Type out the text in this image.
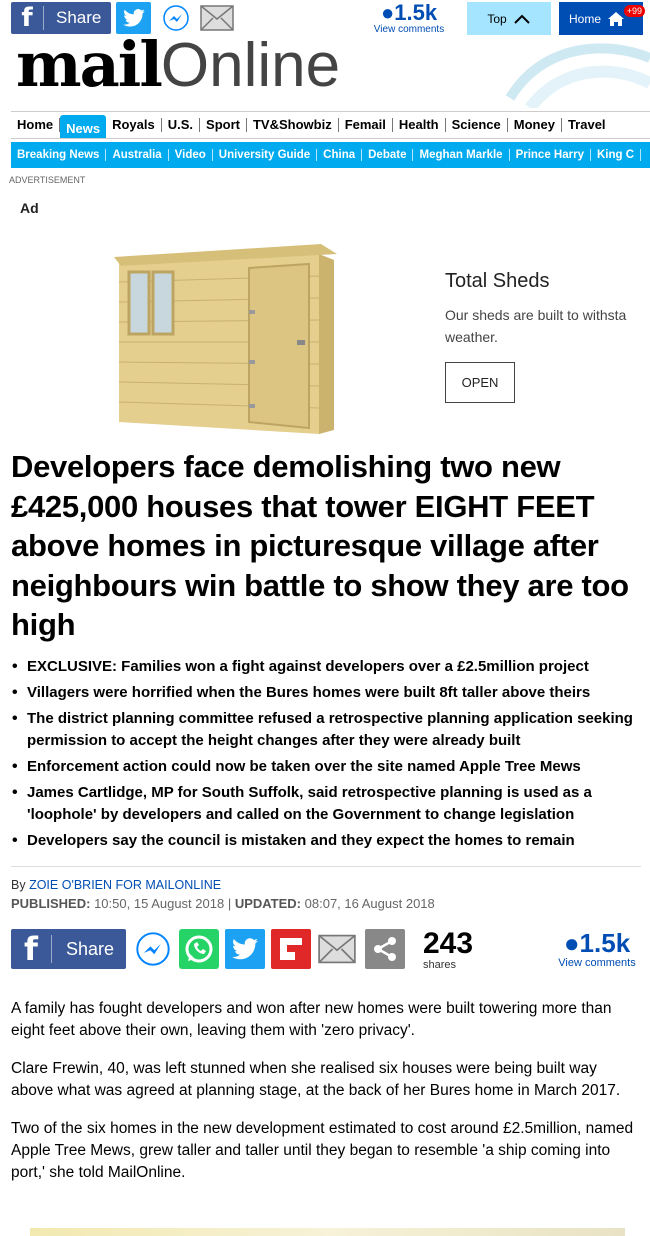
f	Share	●1.5k
View comments
Top	Home
+99
mailOnline
Home	News Royals	U.S.	Sport	TV&Showbiz	Femail	Health	Science	Money	Travel
Breaking News	Australia	Video	University Guide	China	Debate	Meghan Markle	Prince Harry	King C
ADVERTISEMENT
Ad
Total Sheds
Our sheds are built to withsta
weather.
OPEN
Developers face demolishing two new £425,000 houses that tower EIGHT FEET above homes in picturesque village after neighbours win battle to show they are too high
• EXCLUSIVE: Families won a fight against developers over a £2.5million project
• Villagers were horrified when the Bures homes were built 8ft taller above theirs
• The district planning committee refused a retrospective planning application seeking permission to accept the height changes after they were already built
• Enforcement action could now be taken over the site named Apple Tree Mews
• James Cartlidge, MP for South Suffolk, said retrospective planning is used as a 'loophole' by developers and called on the Government to change legislation
• Developers say the council is mistaken and they expect the homes to remain
By ZOIE O'BRIEN FOR MAILONLINE
PUBLISHED: 10:50, 15 August 2018 | UPDATED: 08:07, 16 August 2018
f	Share	243
shares
●1.5k
View comments

A family has fought developers and won after new homes were built towering more than eight feet above their own, leaving them with 'zero privacy'.

Clare Frewin, 40, was left stunned when she realised six houses were being built way above what was agreed at planning stage, at the back of her Bures home in March 2017.

Two of the six homes in the new development estimated to cost around £2.5million, named Apple Tree Mews, grew taller and taller until they began to resemble 'a ship coming into port,' she told MailOnline.
